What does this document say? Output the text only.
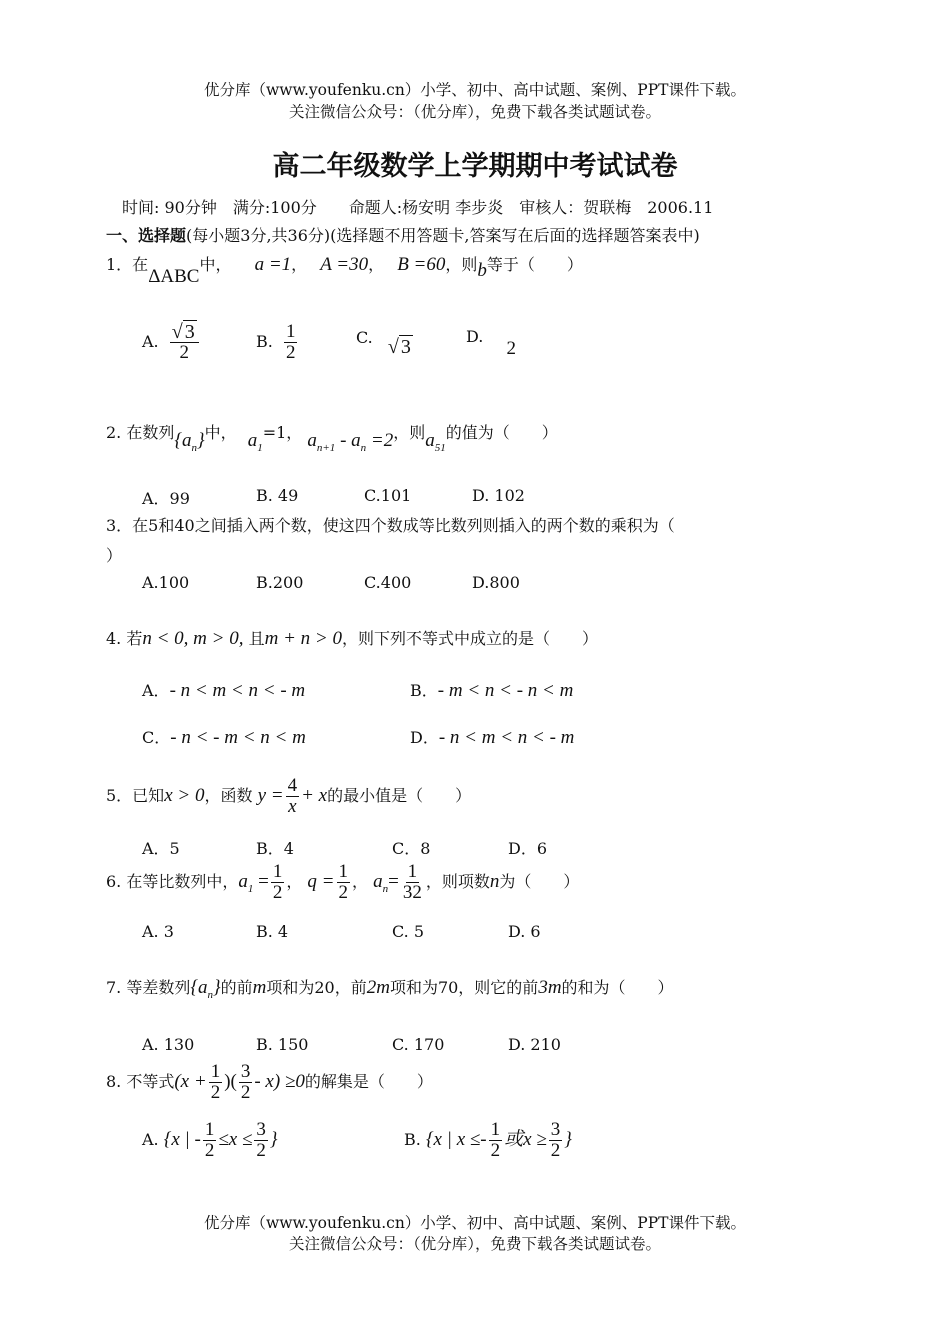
优分库（www.youfenku.cn）小学、初中、高中试题、案例、PPT课件下载。
关注微信公众号：（优分库），免费下载各类试题试卷。
高二年级数学上学期期中考试试卷
时间: 90分钟　满分:100分　　命题人:杨安明 李步炎　审核人：贺联梅　2006.11
一、选择题(每小题3分,共36分)(选择题不用答题卡,答案写在后面的选择题答案表中)
1．在ΔABC中， a =1， A =30， B =60，则b等于（　　）
A. $\frac{√ 3}{2}$	B. $\frac{1}{2}$	C. √ 3	D. 2
2. 在数列$\{a_n\}$中， $a_1=1$， $a_{n+1} - a_n =2$，则$a_{51}$的值为（　　）
A．99	B. 49	C.101	D. 102
3．在5和40之间插入两个数，使这四个数成等比数列则插入的两个数的乘积为（
）
A.100	B.200	C.400	D.800
4. 若n < 0, m > 0, 且m + n > 0，则下列不等式中成立的是（　　）
A．- n < m < n < - m	B．- m < n < - n < m
C．- n < - m < n < m	D．- n < m < n < - m
5．已知x > 0，函数 $y = \frac{4}{x} + x$的最小值是（　　）
A．5	B．4	C．8	D．6
6. 在等比数列中，$a_1 = \frac{1}{2}$ ， $q = \frac{1}{2}$ ， $a_n= \frac{1}{32}$ ，则项数n为（　　）
A. 3	B. 4	C. 5	D. 6
7. 等差数列$\{a_n\}$的前m项和为20，前2m项和为70，则它的前3m的和为（　　）
A. 130	B. 150	C. 170	D. 210
8. 不等式($x + \frac{1}{2}$ )( $\frac{3}{2} - x) \ge 0$的解集是（　　）
A. {x | - $\frac{1}{2} \le x \le \frac{3}{2}$ }	B. {x | $x \le- \frac{1}{2}$ 或$x \ge \frac{3}{2}$ }
优分库（www.youfenku.cn）小学、初中、高中试题、案例、PPT课件下载。
关注微信公众号：（优分库），免费下载各类试题试卷。
